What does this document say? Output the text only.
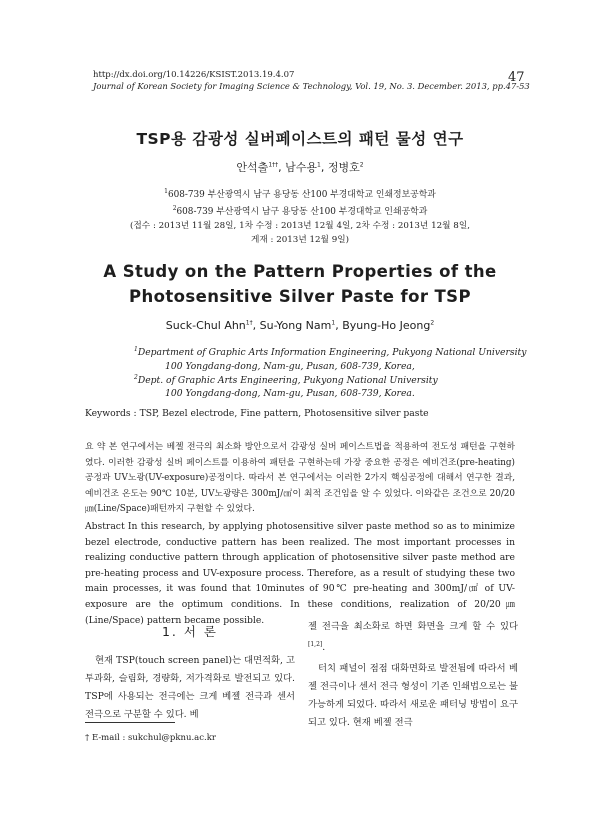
http://dx.doi.org/10.14226/KSIST.2013.19.4.07
Journal of Korean Society for Imaging Science & Technology, Vol. 19, No. 3. December. 2013, pp.47-53
47
TSP용 감광성 실버페이스트의 패턴 물성 연구
안석출$^{1\dagger\dagger}$, 남수용$^1$, 정병호$^2$
$^1$608-739 부산광역시 남구 용당동 산100 부경대학교 인쇄정보공학과
$^2$608-739 부산광역시 남구 용당동 산100 부경대학교 인쇄공학과
(접수 : 2013년 11월 28일, 1차 수정 : 2013년 12월 4일, 2차 수정 : 2013년 12월 8일,
게재 : 2013년 12월 9일)
A Study on the Pattern Properties of the
Photosensitive Silver Paste for TSP
Suck-Chul Ahn$^{1\dagger}$, Su-Yong Nam$^1$, Byung-Ho Jeong$^2$
$^1$Department of Graphic Arts Information Engineering, Pukyong National University
100 Yongdang-dong, Nam-gu, Pusan, 608-739, Korea,
$^2$Dept. of Graphic Arts Engineering, Pukyong National University
100 Yongdang-dong, Nam-gu, Pusan, 608-739, Korea.
Keywords : TSP, Bezel electrode, Fine pattern, Photosensitive silver paste
요 약 본 연구에서는 베젤 전극의 최소화 방안으로서 감광성 실버 페이스트법을 적용하여 전도성 패턴을 구현하였다. 이러한 감광성 실버 페이스트를 이용하여 패턴을 구현하는데 가장 중요한 공정은 예비건조(pre-heating) 공정과 UV노광(UV-exposure)공정이다. 따라서 본 연구에서는 이러한 2가지 핵심공정에 대해서 연구한 결과, 예비건조 온도는 90℃ 10분, UV노광량은 300mJ/㎠이 최적 조건임을 알 수 있었다. 이와같은 조건으로 20/20㎛(Line/Space)패턴까지 구현할 수 있었다.
Abstract In this research, by applying photosensitive silver paste method so as to minimize bezel electrode, conductive pattern has been realized. The most important processes in realizing conductive pattern through application of photosensitive silver paste method are pre-heating process and UV-exposure process. Therefore, as a result of studying these two main processes, it was found that 10minutes of 90℃ pre-heating and 300mJ/㎠ of UV-exposure are the optimum conditions. In these conditions, realization of 20/20㎛(Line/Space) pattern became possible.
1. 서 론
현재 TSP(touch screen panel)는 대면적화, 고투과화, 슬림화, 경량화, 저가격화로 발전되고 있다. TSP에 사용되는 전극에는 크게 베젤 전극과 센서 전극으로 구분할 수 있다. 베

젤 전극을 최소화로 하면 화면을 크게 할 수 있다[1,2].

터치 패널이 점점 대화면화로 발전됨에 따라서 베젤 전극이나 센서 전극 형성이 기존 인쇄법으로는 불가능하게 되었다. 따라서 새로운 패터닝 방법이 요구되고 있다. 현재 베젤 전극

† E-mail : sukchul@pknu.ac.kr
